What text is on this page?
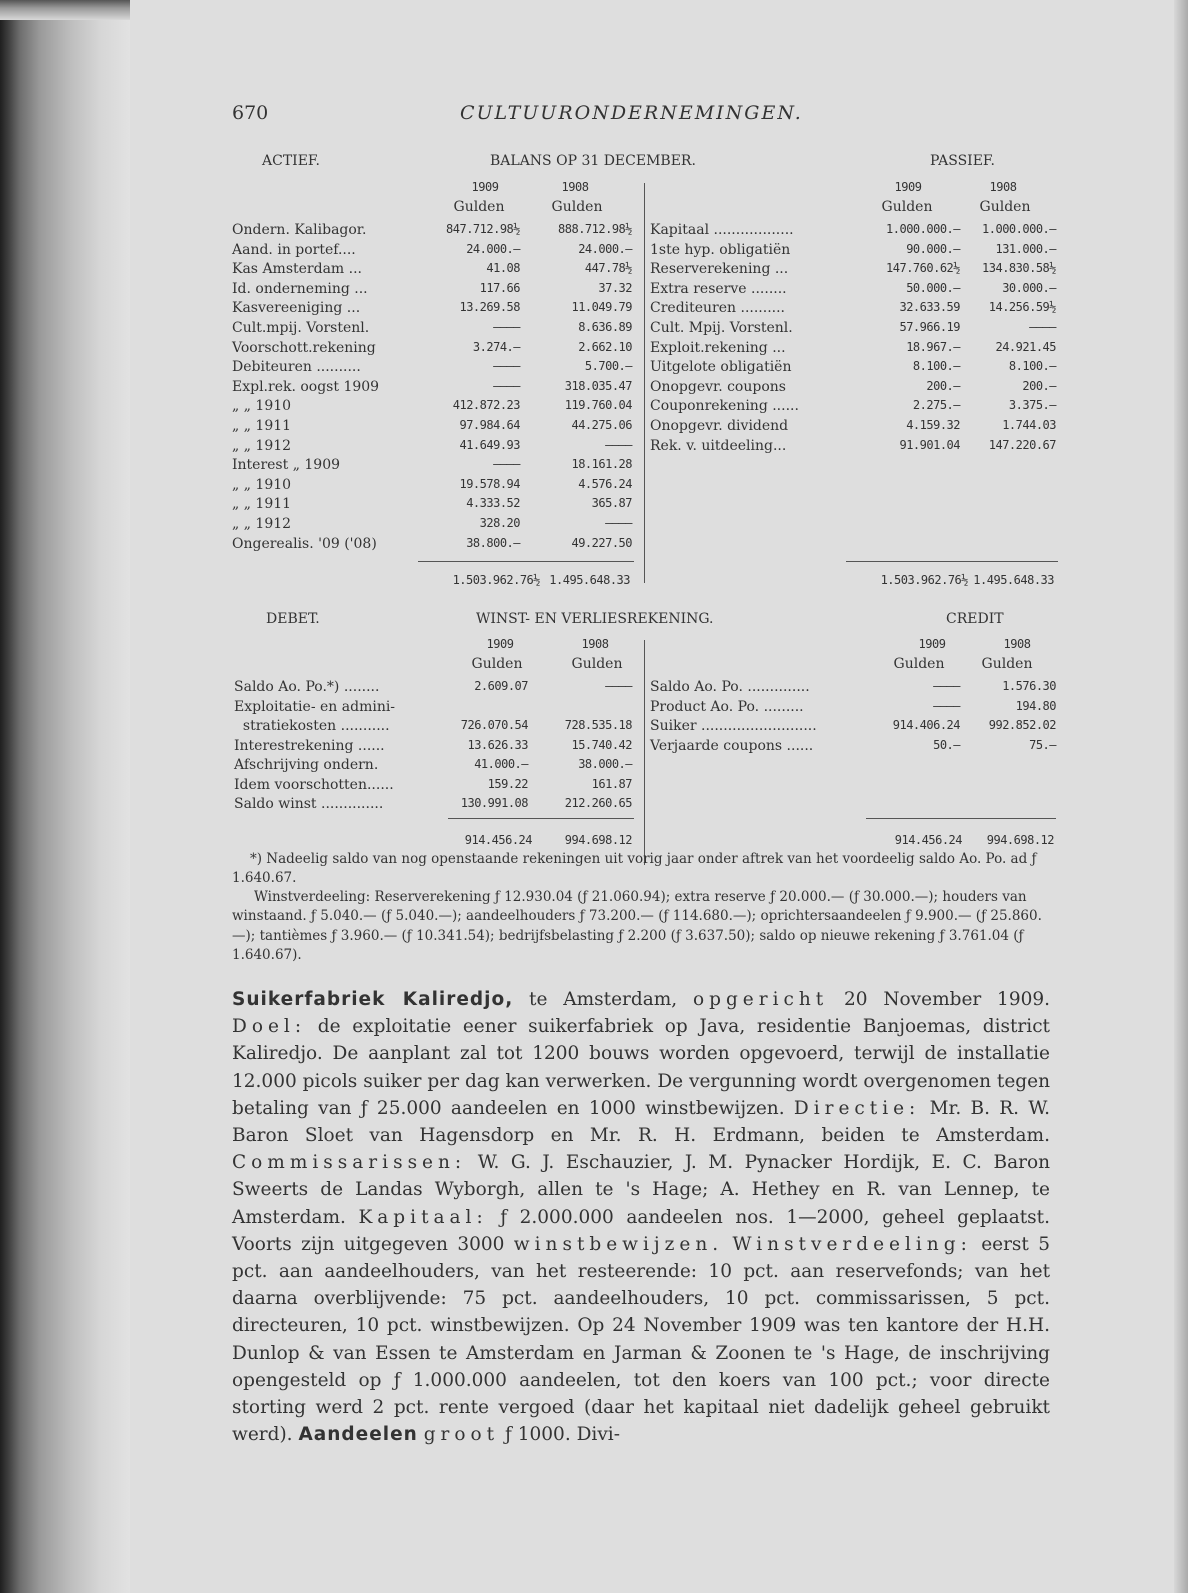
670	CULTUURONDERNEMINGEN.
ACTIEF.	BALANS OP 31 DECEMBER.	PASSIEF.
1909	1908
Gulden	Gulden
1909	1908
Gulden	Gulden
Ondern. Kalibagor.	847.712.98½	888.712.98½
Aand. in portef....	24.000.—	24.000.—
Kas Amsterdam ...	41.08	447.78½
Id. onderneming ...	117.66	37.32
Kasvereeniging ...	13.269.58	11.049.79
Cult.mpij. Vorstenl.	————	8.636.89
Voorschott.rekening	3.274.—	2.662.10
Debiteuren ..........	————	5.700.—
Expl.rek. oogst 1909	————	318.035.47
„ „ 1910	412.872.23	119.760.04
„ „ 1911	97.984.64	44.275.06
„ „ 1912	41.649.93	————
Interest „ 1909	————	18.161.28
„ „ 1910	19.578.94	4.576.24
„ „ 1911	4.333.52	365.87
„ „ 1912	328.20	————
Ongerealis. '09 ('08)	38.800.—	49.227.50
Kapitaal ..................	1.000.000.—	1.000.000.—
1ste hyp. obligatiën	90.000.—	131.000.—
Reserverekening ...	147.760.62½	134.830.58½
Extra reserve ........	50.000.—	30.000.—
Crediteuren ..........	32.633.59	14.256.59½
Cult. Mpij. Vorstenl.	57.966.19	————
Exploit.rekening ...	18.967.—	24.921.45
Uitgelote obligatiën	8.100.—	8.100.—
Onopgevr. coupons	200.—	200.—
Couponrekening ......	2.275.—	3.375.—
Onopgevr. dividend	4.159.32	1.744.03
Rek. v. uitdeeling...	91.901.04	147.220.67
1.503.962.76½ 1.495.648.33	1.503.962.76½ 1.495.648.33
DEBET.	WINST- EN VERLIESREKENING.	CREDIT
1909	1908
Gulden	Gulden
1909	1908
Gulden	Gulden
Saldo Ao. Po.*) ........	2.609.07	————
Exploitatie- en admini-
stratiekosten ...........	726.070.54	728.535.18
Interestrekening ......	13.626.33	15.740.42
Afschrijving ondern.	41.000.—	38.000.—
Idem voorschotten......	159.22	161.87
Saldo winst ..............	130.991.08	212.260.65
Saldo Ao. Po. ..............	————	1.576.30
Product Ao. Po. .........	————	194.80
Suiker ..........................	914.406.24	992.852.02
Verjaarde coupons ......	50.—	75.—
914.456.24	994.698.12	914.456.24	994.698.12
*) Nadeelig saldo van nog openstaande rekeningen uit vorig jaar onder aftrek van het voordeelig saldo Ao. Po. ad ƒ 1.640.67.
Winstverdeeling: Reserverekening ƒ 12.930.04 (ƒ 21.060.94); extra reserve ƒ 20.000.— (ƒ 30.000.—); houders van winstaand. ƒ 5.040.— (ƒ 5.040.—); aandeelhouders ƒ 73.200.— (ƒ 114.680.—); oprichtersaandeelen ƒ 9.900.— (ƒ 25.860.—); tantièmes ƒ 3.960.— (ƒ 10.341.54); bedrijfsbelasting ƒ 2.200 (ƒ 3.637.50); saldo op nieuwe rekening ƒ 3.761.04 (ƒ 1.640.67).

Suikerfabriek Kaliredjo, te Amsterdam, opgericht 20 November 1909. Doel: de exploitatie eener suikerfabriek op Java, residentie Banjoemas, district Kaliredjo. De aanplant zal tot 1200 bouws worden opgevoerd, terwijl de installatie 12.000 picols suiker per dag kan verwerken. De vergunning wordt overgenomen tegen betaling van ƒ 25.000 aandeelen en 1000 winstbewijzen. Directie: Mr. B. R. W. Baron Sloet van Hagensdorp en Mr. R. H. Erdmann, beiden te Amsterdam. Commissarissen: W. G. J. Eschauzier, J. M. Pynacker Hordijk, E. C. Baron Sweerts de Landas Wyborgh, allen te 's Hage; A. Hethey en R. van Lennep, te Amsterdam. Kapitaal: ƒ 2.000.000 aandeelen nos. 1—2000, geheel geplaatst. Voorts zijn uitgegeven 3000 winstbewijzen. Winstverdeeling: eerst 5 pct. aan aandeelhouders, van het resteerende: 10 pct. aan reservefonds; van het daarna overblijvende: 75 pct. aandeelhouders, 10 pct. commissarissen, 5 pct. directeuren, 10 pct. winstbewijzen. Op 24 November 1909 was ten kantore der H.H. Dunlop & van Essen te Amsterdam en Jarman & Zoonen te 's Hage, de inschrijving opengesteld op ƒ 1.000.000 aandeelen, tot den koers van 100 pct.; voor directe storting werd 2 pct. rente vergoed (daar het kapitaal niet dadelijk geheel gebruikt werd). Aandeelen groot ƒ 1000. Divi-
